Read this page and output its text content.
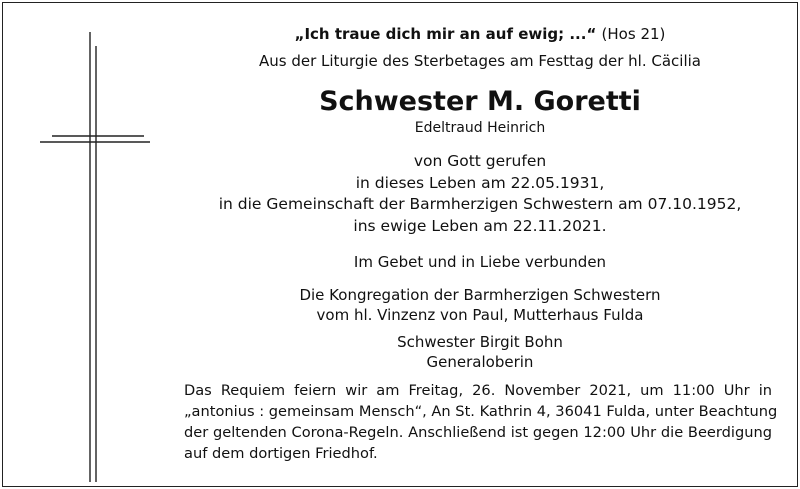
„Ich traue dich mir an auf ewig; ...“ (Hos 21)
Aus der Liturgie des Sterbetages am Festtag der hl. Cäcilia
Schwester M. Goretti
Edeltraud Heinrich
von Gott gerufen
in dieses Leben am 22.05.1931,
in die Gemeinschaft der Barmherzigen Schwestern am 07.10.1952,
ins ewige Leben am 22.11.2021.
Im Gebet und in Liebe verbunden
Die Kongregation der Barmherzigen Schwestern
vom hl. Vinzenz von Paul, Mutterhaus Fulda
Schwester Birgit Bohn
Generaloberin
Das Requiem feiern wir am Freitag, 26. November 2021, um 11:00 Uhr in
„antonius : gemeinsam Mensch“, An St. Kathrin 4, 36041 Fulda, unter Beachtung
der geltenden Corona-Regeln. Anschließend ist gegen 12:00 Uhr die Beerdigung
auf dem dortigen Friedhof.
